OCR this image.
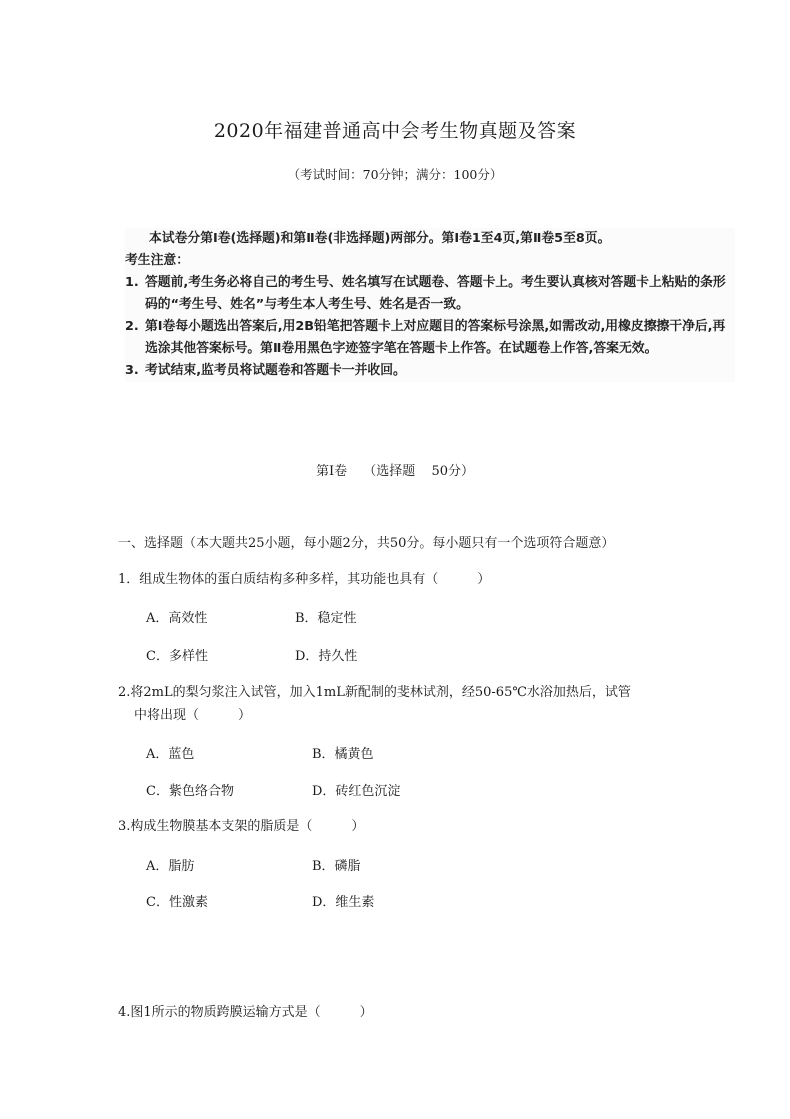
2020年福建普通高中会考生物真题及答案
（考试时间：70分钟；满分：100分）
本试卷分第Ⅰ卷(选择题)和第Ⅱ卷(非选择题)两部分。第Ⅰ卷1至4页,第Ⅱ卷5至8页。
考生注意：
1. 答题前,考生务必将自己的考生号、姓名填写在试题卷、答题卡上。考生要认真核对答题卡上粘贴的条形码的“考生号、姓名”与考生本人考生号、姓名是否一致。
2. 第Ⅰ卷每小题选出答案后,用2B铅笔把答题卡上对应题目的答案标号涂黑,如需改动,用橡皮擦擦干净后,再选涂其他答案标号。第Ⅱ卷用黑色字迹签字笔在答题卡上作答。在试题卷上作答,答案无效。
3. 考试结束,监考员将试题卷和答题卡一并收回。
第Ⅰ卷 （选择题 50分）
一、选择题（本大题共25小题，每小题2分，共50分。每小题只有一个选项符合题意）
1．组成生物体的蛋白质结构多种多样，其功能也具有（　　　）
A．高效性	B．稳定性
C．多样性	D．持久性
2.将2mL的梨匀浆注入试管，加入1mL新配制的斐林试剂，经50-65℃水浴加热后，试管
中将出现（　　　）
A．蓝色	B．橘黄色
C．紫色络合物	D．砖红色沉淀
3.构成生物膜基本支架的脂质是（　　　）
A．脂肪	B．磷脂
C．性激素	D．维生素
4.图1所示的物质跨膜运输方式是（　　　）
